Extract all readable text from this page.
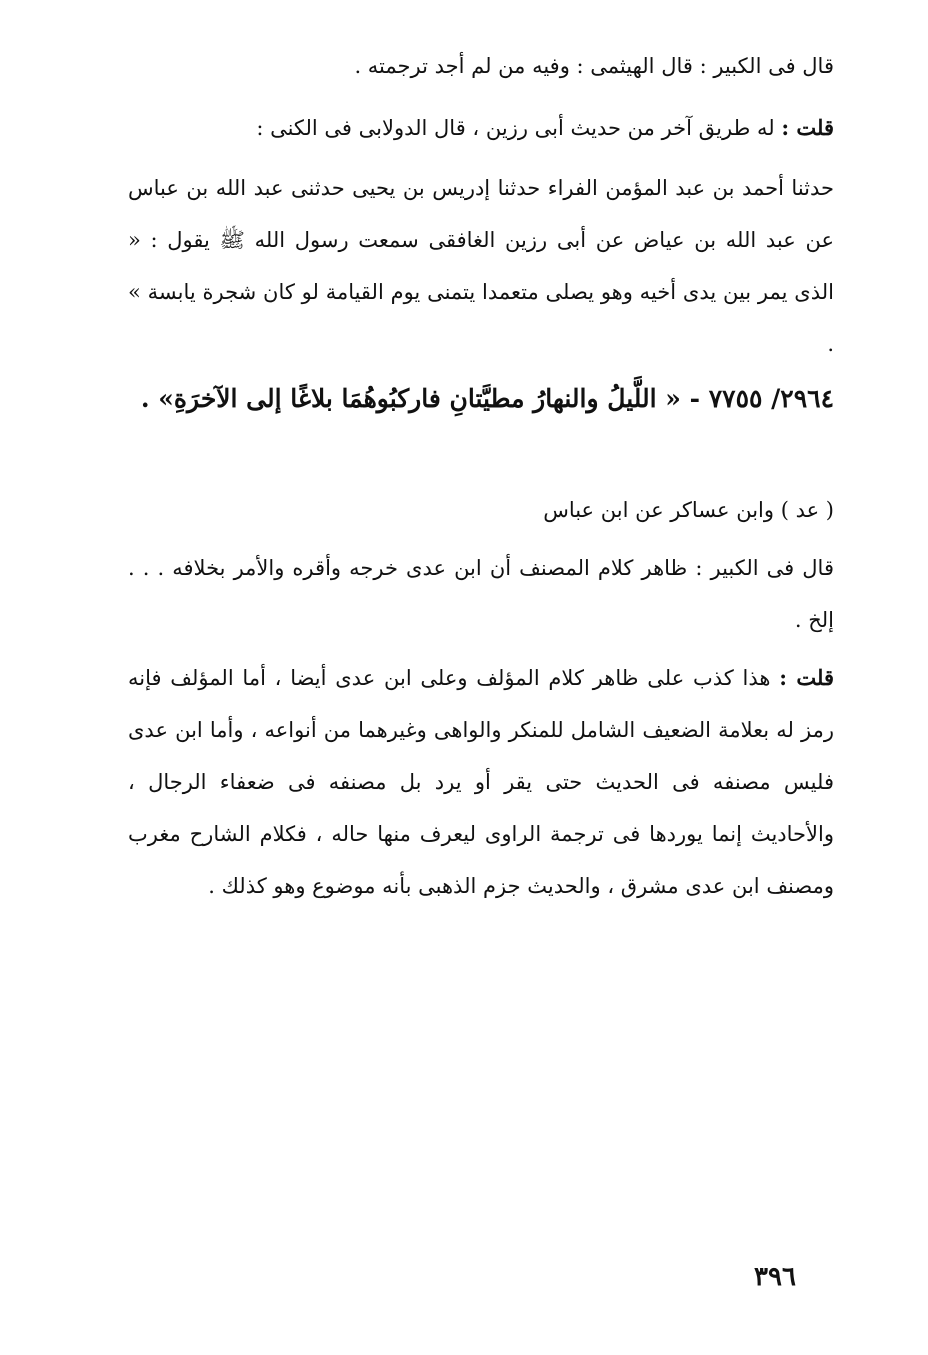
قال فى الكبير : قال الهيثمى : وفيه من لم أجد ترجمته .

قلت : له طريق آخر من حديث أبى رزين ، قال الدولابى فى الكنى :

حدثنا أحمد بن عبد المؤمن الفراء حدثنا إدريس بن يحيى حدثنى عبد الله بن عباس عن عبد الله بن عياض عن أبى رزين الغافقى سمعت رسول الله ﷺ يقول : « الذى يمر بين يدى أخيه وهو يصلى متعمدا يتمنى يوم القيامة لو كان شجرة يابسة » .

٢٩٦٤/ ٧٧٥٥ - « اللَّيلُ والنهارُ مطيَّتانِ فاركبُوهُمَا بلاغًا إلى الآخرَةِ» .

( عد ) وابن عساكر عن ابن عباس

قال فى الكبير : ظاهر كلام المصنف أن ابن عدى خرجه وأقره والأمر بخلافه . . . إلخ .

قلت : هذا كذب على ظاهر كلام المؤلف وعلى ابن عدى أيضا ، أما المؤلف فإنه رمز له بعلامة الضعيف الشامل للمنكر والواهى وغيرهما من أنواعه ، وأما ابن عدى فليس مصنفه فى الحديث حتى يقر أو يرد بل مصنفه فى ضعفاء الرجال ، والأحاديث إنما يوردها فى ترجمة الراوى ليعرف منها حاله ، فكلام الشارح مغرب ومصنف ابن عدى مشرق ، والحديث جزم الذهبى بأنه موضوع وهو كذلك .

٣٩٦
